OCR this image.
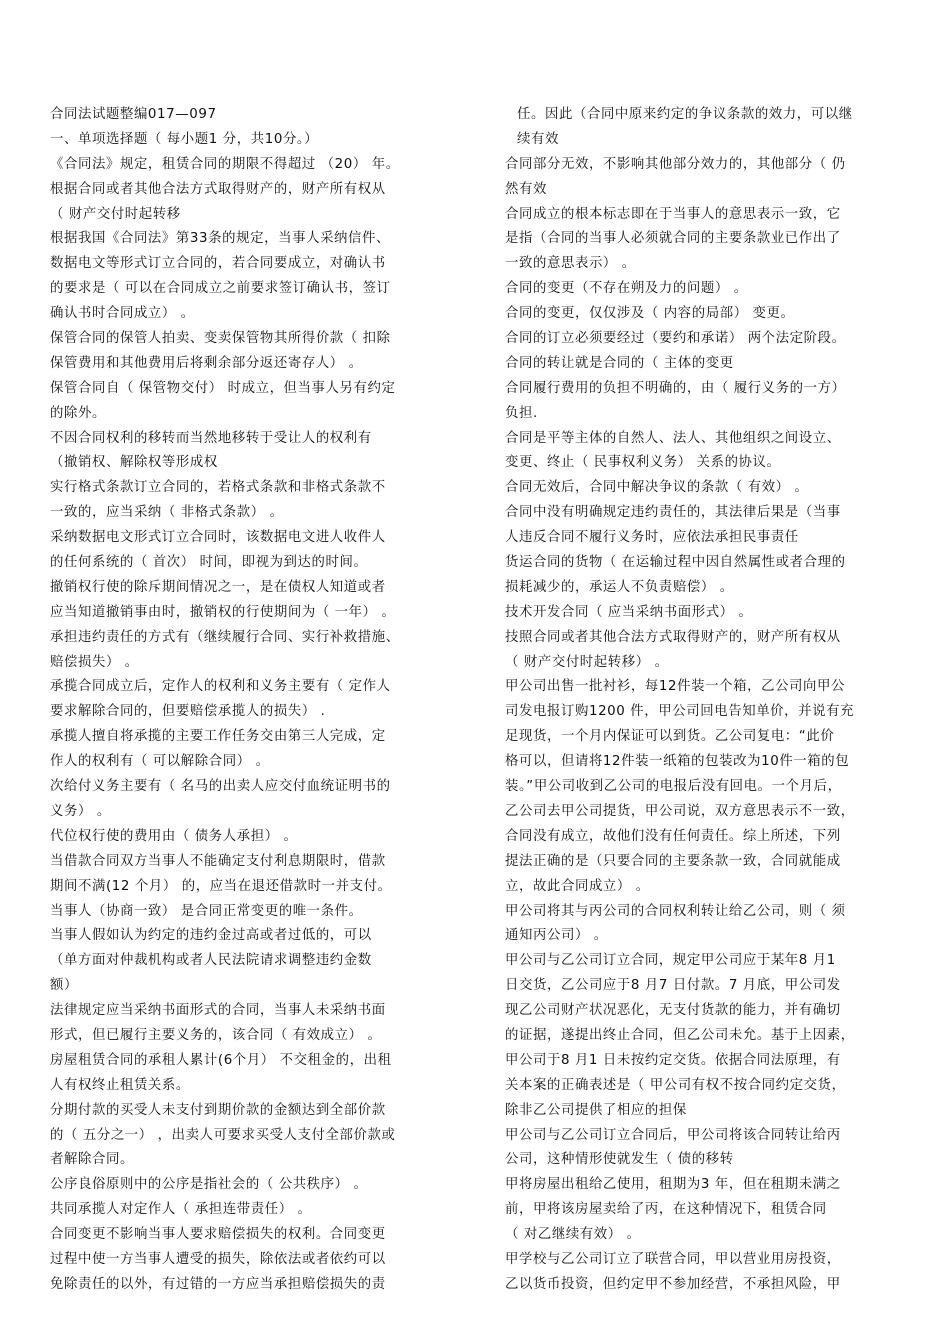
合同法试题整编017—097
一、单项选择题（ 每小题1 分，共10分。）
《合同法》规定，租赁合同的期限不得超过 （20） 年。
根据合同或者其他合法方式取得财产的，财产所有权从
（ 财产交付时起转移
根据我国《合同法》第33条的规定，当事人采纳信件、
数据电文等形式订立合同的，若合同要成立，对确认书
的要求是（ 可以在合同成立之前要求签订确认书，签订
确认书时合同成立） 。
保管合同的保管人拍卖、变卖保管物其所得价款（ 扣除
保管费用和其他费用后将剩余部分返还寄存人） 。
保管合同自（ 保管物交付） 时成立，但当事人另有约定
的除外。
不因合同权利的移转而当然地移转于受让人的权利有
（撤销权、解除权等形成权
实行格式条款订立合同的，若格式条款和非格式条款不
一致的，应当采纳（ 非格式条款） 。
采纳数据电文形式订立合同时，该数据电文进人收件人
的任何系统的（ 首次） 时间，即视为到达的时间。
撤销权行使的除斥期间情况之一，是在债权人知道或者
应当知道撤销事由时，撤销权的行使期间为（ 一年） 。
承担违约责任的方式有（继续履行合同、实行补救措施、
赔偿损失） 。
承揽合同成立后，定作人的权利和义务主要有（ 定作人
要求解除合同的，但要赔偿承揽人的损失） .
承揽人擅自将承揽的主要工作任务交由第三人完成，定
作人的权利有（ 可以解除合同） 。
次给付义务主要有（ 名马的出卖人应交付血统证明书的
义务） 。
代位权行使的费用由（ 债务人承担） 。
当借款合同双方当事人不能确定支付利息期限时，借款
期间不满(12 个月） 的，应当在退还借款时一并支付。
当事人（协商一致） 是合同正常变更的唯一条件。
当事人假如认为约定的违约金过高或者过低的，可以
（单方面对仲裁机构或者人民法院请求调整违约金数
额）
法律规定应当采纳书面形式的合同，当事人未采纳书面
形式，但已履行主要义务的，该合同（ 有效成立） 。
房屋租赁合同的承租人累计(6个月） 不交租金的，出租
人有权终止租赁关系。
分期付款的买受人未支付到期价款的金额达到全部价款
的（ 五分之一） ，出卖人可要求买受人支付全部价款或
者解除合同。
公序良俗原则中的公序是指社会的（ 公共秩序） 。
共同承揽人对定作人（ 承担连带责任） 。
合同变更不影响当事人要求赔偿损失的权利。合同变更
过程中使一方当事人遭受的损失，除依法或者依约可以
免除责任的以外，有过错的一方应当承担赔偿损失的责
任。因此（合同中原来约定的争议条款的效力，可以继
续有效
合同部分无效，不影响其他部分效力的，其他部分（ 仍
然有效
合同成立的根本标志即在于当事人的意思表示一致，它
是指（合同的当事人必须就合同的主要条款业已作出了
一致的意思表示） 。
合同的变更（不存在朔及力的问题） 。
合同的变更，仅仅涉及（ 内容的局部） 变更。
合同的订立必须要经过（要约和承诺） 两个法定阶段。
合同的转让就是合同的（ 主体的变更
合同履行费用的负担不明确的，由（ 履行义务的一方）
负担.
合同是平等主体的自然人、法人、其他组织之间设立、
变更、终止（ 民事权利义务） 关系的协议。
合同无效后，合同中解决争议的条款（ 有效） 。
合同中没有明确规定违约责任的，其法律后果是（当事
人违反合同不履行义务时，应依法承担民事责任
货运合同的货物（ 在运输过程中因自然属性或者合理的
损耗减少的，承运人不负责赔偿） 。
技术开发合同（ 应当采纳书面形式） 。
技照合同或者其他合法方式取得财产的，财产所有权从
（ 财产交付时起转移） 。
甲公司出售一批衬衫，每12件装一个箱，乙公司向甲公
司发电报订购1200 件，甲公司回电告知单价，并说有充
足现货，一个月内保证可以到货。乙公司复电：“此价
格可以，但请将12件装一纸箱的包装改为10件一箱的包
装。”甲公司收到乙公司的电报后没有回电。一个月后，
乙公司去甲公司提货，甲公司说，双方意思表示不一致，
合同没有成立，故他们没有任何责任。综上所述，下列
提法正确的是（只要合同的主要条款一致，合同就能成
立，故此合同成立） 。
甲公司将其与丙公司的合同权利转让给乙公司，则（ 须
通知丙公司） 。
甲公司与乙公司订立合同，规定甲公司应于某年8 月1
日交货，乙公司应于8 月7 日付款。7 月底，甲公司发
现乙公司财产状况恶化，无支付货款的能力，并有确切
的证据，遂提出终止合同，但乙公司未允。基于上因素，
甲公司于8 月1 日未按约定交货。依据合同法原理，有
关本案的正确表述是（ 甲公司有权不按合同约定交货，
除非乙公司提供了相应的担保
甲公司与乙公司订立合同后，甲公司将该合同转让给丙
公司，这种情形使就发生（ 债的移转
甲将房屋出租给乙使用，租期为3 年，但在租期未满之
前，甲将该房屋卖给了丙，在这种情况下，租赁合同
（ 对乙继续有效） 。
甲学校与乙公司订立了联营合同，甲以营业用房投资，
乙以货币投资，但约定甲不参加经营，不承担风险，甲
